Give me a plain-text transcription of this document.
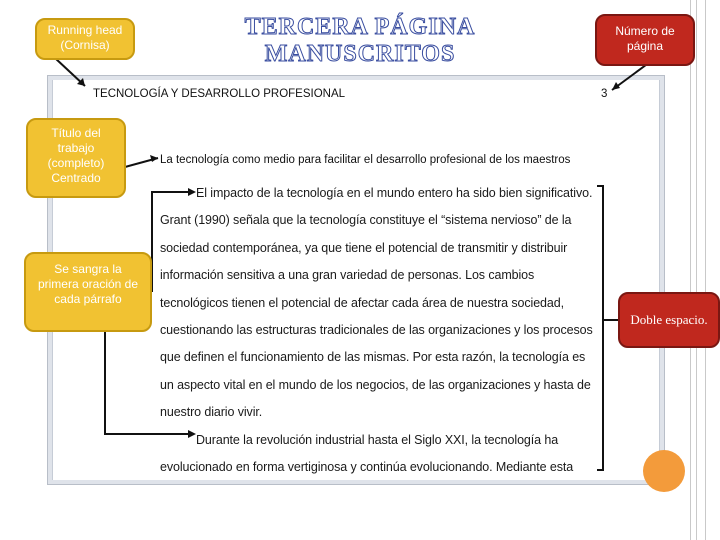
TERCERA PÁGINA
MANUSCRITOS
TECNOLOGÍA Y DESARROLLO PROFESIONAL	3
La tecnología como medio para facilitar el desarrollo profesional de los maestros
El impacto de la tecnología en el mundo entero ha sido bien significativo.
Grant (1990) señala que la tecnología constituye el “sistema nervioso” de la
sociedad contemporánea, ya que tiene el potencial de transmitir y distribuir
información sensitiva a una gran variedad de personas. Los cambios
tecnológicos tienen el potencial de afectar cada área de nuestra sociedad,
cuestionando las estructuras tradicionales de las organizaciones y los procesos
que definen el funcionamiento de las mismas. Por esta razón, la tecnología es
un aspecto vital en el mundo de los negocios, de las organizaciones y hasta de
nuestro diario vivir.
Durante la revolución industrial hasta el Siglo XXI, la tecnología ha
evolucionado en forma vertiginosa y continúa evolucionando. Mediante esta
Running head (Cornisa)
Número de página
Título del trabajo (completo) Centrado
Se sangra la primera oración de cada párrafo
Doble espacio.
